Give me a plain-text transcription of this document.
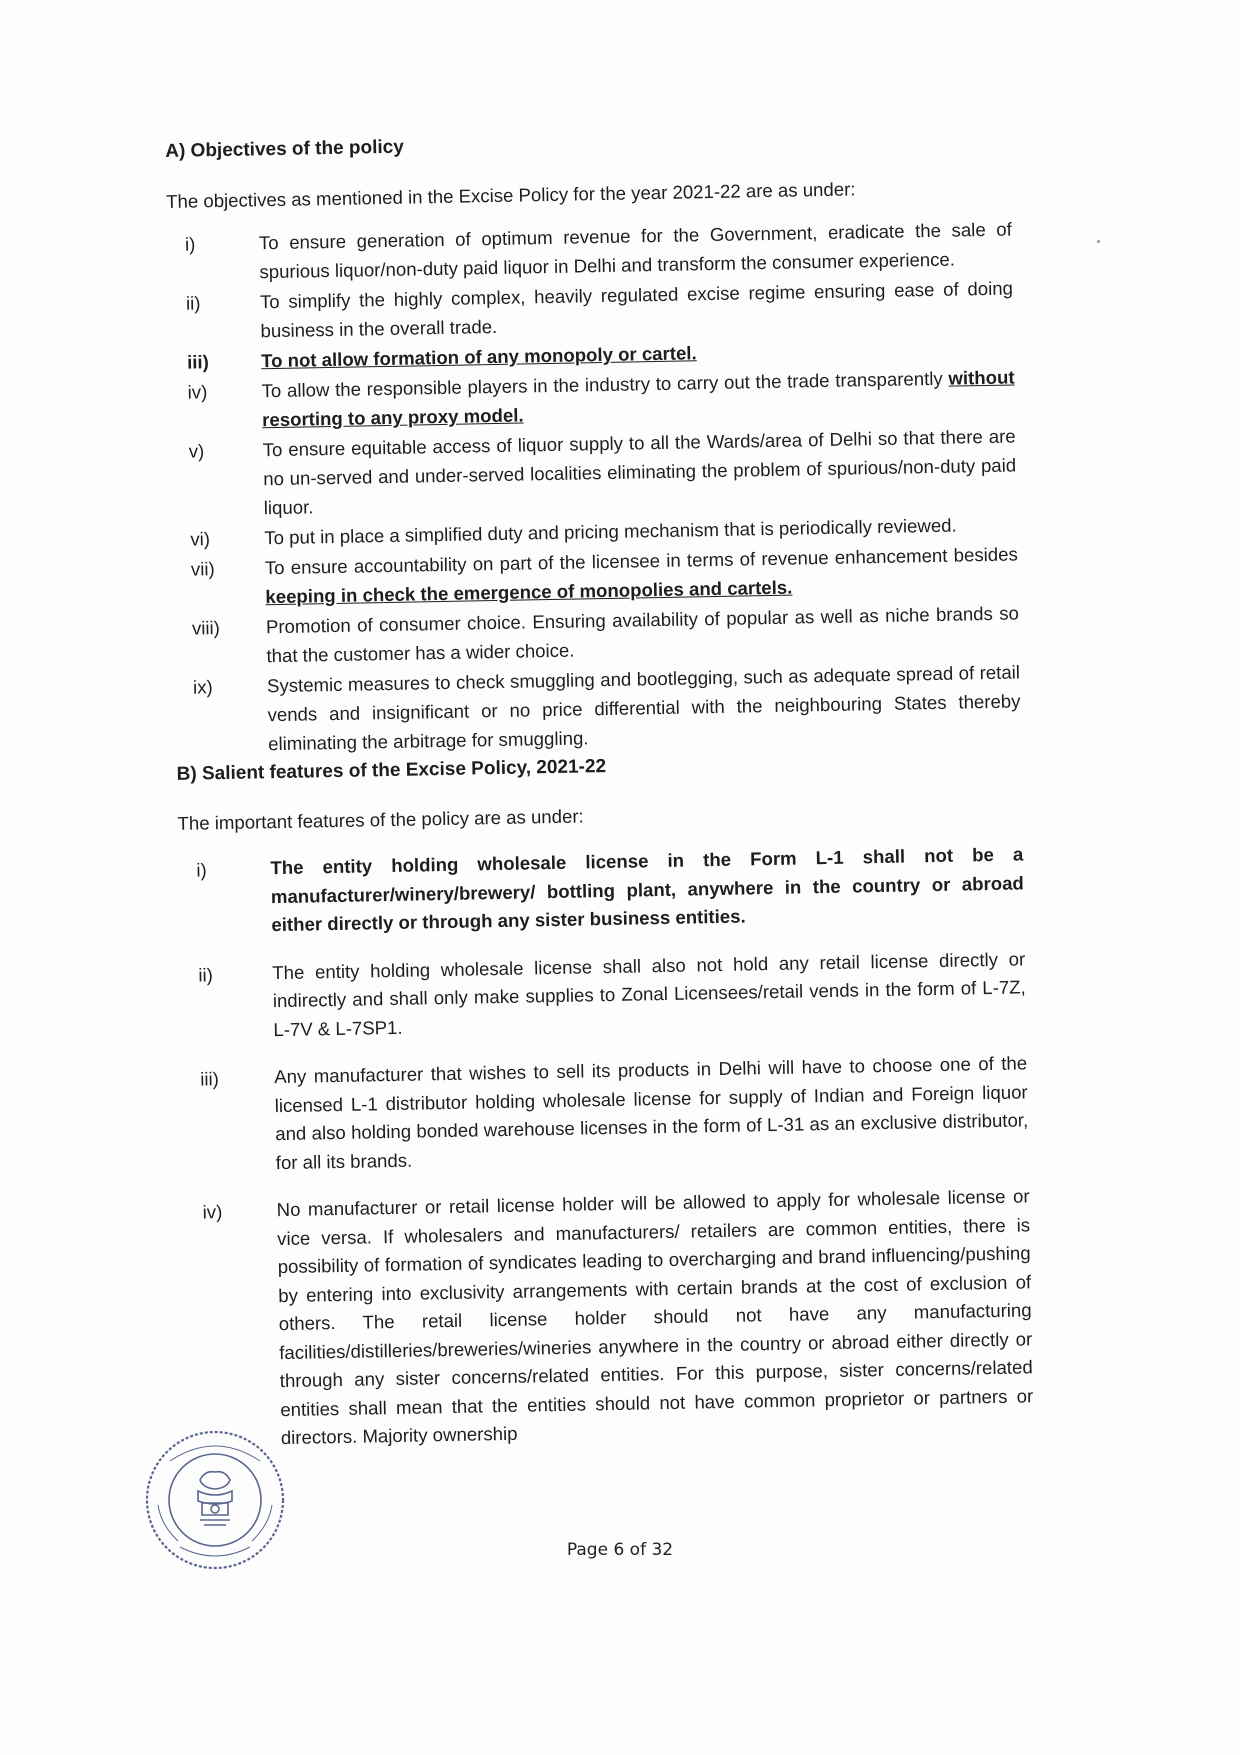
A) Objectives of the policy
The objectives as mentioned in the Excise Policy for the year 2021-22 are as under:
i)	To ensure generation of optimum revenue for the Government, eradicate the sale of spurious liquor/non-duty paid liquor in Delhi and transform the consumer experience.
ii)	To simplify the highly complex, heavily regulated excise regime ensuring ease of doing business in the overall trade.
iii)	To not allow formation of any monopoly or cartel.
iv)	To allow the responsible players in the industry to carry out the trade transparently without resorting to any proxy model.
v)	To ensure equitable access of liquor supply to all the Wards/area of Delhi so that there are no un-served and under-served localities eliminating the problem of spurious/non-duty paid liquor.
vi)	To put in place a simplified duty and pricing mechanism that is periodically reviewed.
vii)	To ensure accountability on part of the licensee in terms of revenue enhancement besides keeping in check the emergence of monopolies and cartels.
viii)	Promotion of consumer choice. Ensuring availability of popular as well as niche brands so that the customer has a wider choice.
ix)	Systemic measures to check smuggling and bootlegging, such as adequate spread of retail vends and insignificant or no price differential with the neighbouring States thereby eliminating the arbitrage for smuggling.
B) Salient features of the Excise Policy, 2021-22
The important features of the policy are as under:
i)	The entity holding wholesale license in the Form L-1 shall not be a manufacturer/winery/brewery/ bottling plant, anywhere in the country or abroad either directly or through any sister business entities.
ii)	The entity holding wholesale license shall also not hold any retail license directly or indirectly and shall only make supplies to Zonal Licensees/retail vends in the form of L-7Z, L-7V & L-7SP1.
iii)	Any manufacturer that wishes to sell its products in Delhi will have to choose one of the licensed L-1 distributor holding wholesale license for supply of Indian and Foreign liquor and also holding bonded warehouse licenses in the form of L-31 as an exclusive distributor, for all its brands.
iv)	No manufacturer or retail license holder will be allowed to apply for wholesale license or vice versa. If wholesalers and manufacturers/ retailers are common entities, there is possibility of formation of syndicates leading to overcharging and brand influencing/pushing by entering into exclusivity arrangements with certain brands at the cost of exclusion of others. The retail license holder should not have any manufacturing facilities/distilleries/breweries/wineries anywhere in the country or abroad either directly or through any sister concerns/related entities. For this purpose, sister concerns/related entities shall mean that the entities should not have common proprietor or partners or directors. Majority ownership
Page 6 of 32
